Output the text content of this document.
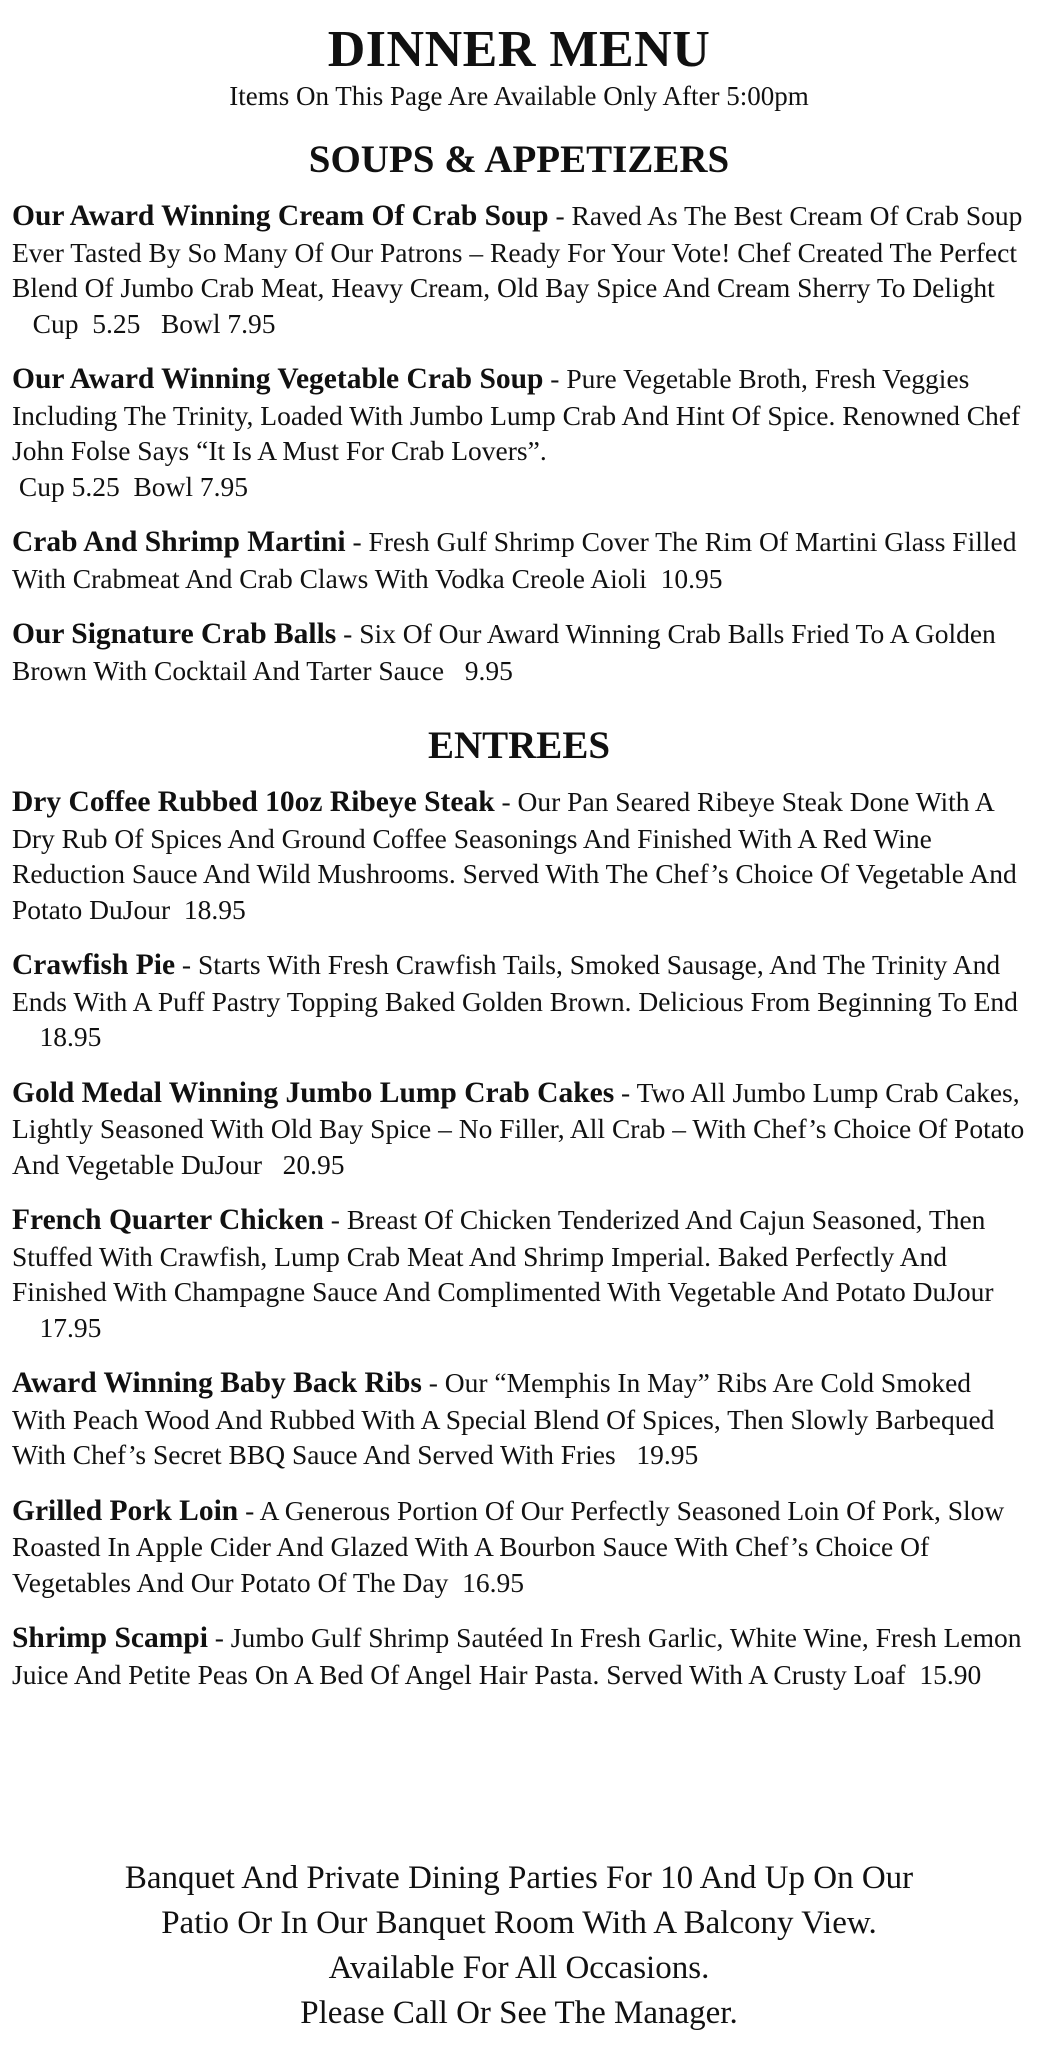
DINNER MENU
Items On This Page Are Available Only After 5:00pm
SOUPS & APPETIZERS
Our Award Winning Cream Of Crab Soup - Raved As The Best Cream Of Crab Soup Ever Tasted By So Many Of Our Patrons – Ready For Your Vote! Chef Created The Perfect Blend Of Jumbo Crab Meat, Heavy Cream, Old Bay Spice And Cream Sherry To Delight   Cup  5.25   Bowl 7.95
Our Award Winning Vegetable Crab Soup - Pure Vegetable Broth, Fresh Veggies Including The Trinity, Loaded With Jumbo Lump Crab And Hint Of Spice. Renowned Chef John Folse Says “It Is A Must For Crab Lovers”.
Cup 5.25  Bowl 7.95
Crab And Shrimp Martini - Fresh Gulf Shrimp Cover The Rim Of Martini Glass Filled With Crabmeat And Crab Claws With Vodka Creole Aioli  10.95
Our Signature Crab Balls - Six Of Our Award Winning Crab Balls Fried To A Golden Brown With Cocktail And Tarter Sauce   9.95
ENTREES
Dry Coffee Rubbed 10oz Ribeye Steak - Our Pan Seared Ribeye Steak Done With A Dry Rub Of Spices And Ground Coffee Seasonings And Finished With A Red Wine Reduction Sauce And Wild Mushrooms. Served With The Chef’s Choice Of Vegetable And Potato DuJour  18.95
Crawfish Pie - Starts With Fresh Crawfish Tails, Smoked Sausage, And The Trinity And Ends With A Puff Pastry Topping Baked Golden Brown. Delicious From Beginning To End    18.95
Gold Medal Winning Jumbo Lump Crab Cakes - Two All Jumbo Lump Crab Cakes, Lightly Seasoned With Old Bay Spice – No Filler, All Crab – With Chef’s Choice Of Potato And Vegetable DuJour   20.95
French Quarter Chicken - Breast Of Chicken Tenderized And Cajun Seasoned, Then Stuffed With Crawfish, Lump Crab Meat And Shrimp Imperial. Baked Perfectly And Finished With Champagne Sauce And Complimented With Vegetable And Potato DuJour    17.95
Award Winning Baby Back Ribs - Our “Memphis In May” Ribs Are Cold Smoked With Peach Wood And Rubbed With A Special Blend Of Spices, Then Slowly Barbequed With Chef’s Secret BBQ Sauce And Served With Fries   19.95
Grilled Pork Loin - A Generous Portion Of Our Perfectly Seasoned Loin Of Pork, Slow Roasted In Apple Cider And Glazed With A Bourbon Sauce With Chef’s Choice Of Vegetables And Our Potato Of The Day  16.95
Shrimp Scampi - Jumbo Gulf Shrimp Sautéed In Fresh Garlic, White Wine, Fresh Lemon Juice And Petite Peas On A Bed Of Angel Hair Pasta. Served With A Crusty Loaf  15.90
Banquet And Private Dining Parties For 10 And Up On Our
Patio Or In Our Banquet Room With A Balcony View.
Available For All Occasions.
Please Call Or See The Manager.
